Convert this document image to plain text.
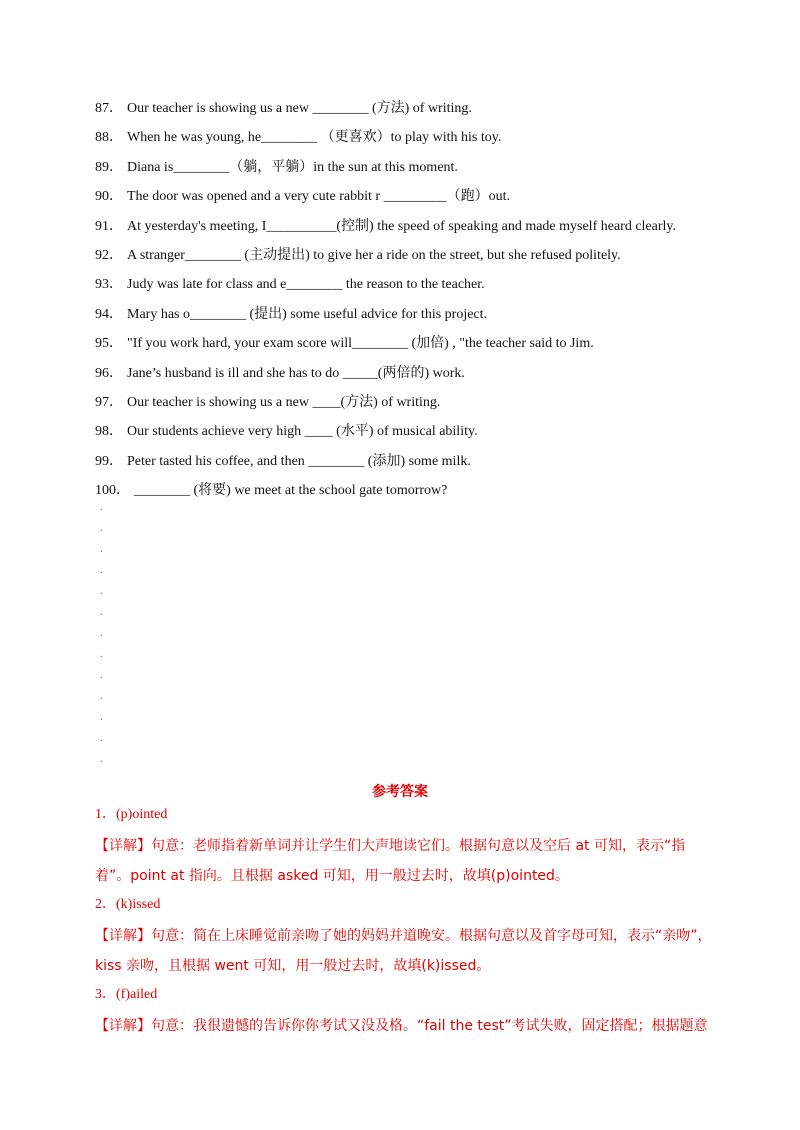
87． Our teacher is showing us a new ________ (方法) of writing.
88． When he was young, he________ （更喜欢）to play with his toy.
89． Diana is________（躺，平躺）in the sun at this moment.
90． The door was opened and a very cute rabbit r _________（跑）out.
91． At yesterday's meeting, I__________(控制) the speed of speaking and made myself heard clearly.
92． A stranger________ (主动提出) to give her a ride on the street, but she refused politely.
93． Judy was late for class and e________ the reason to the teacher.
94． Mary has o________ (提出) some useful advice for this project.
95． "If you work hard, your exam score will________ (加倍) , "the teacher said to Jim.
96． Jane’s husband is ill and she has to do _____(两倍的) work.
97． Our teacher is showing us a new ____(方法) of writing.
98． Our students achieve very high ____ (水平) of musical ability.
99． Peter tasted his coffee, and then ________ (添加) some milk.
100． ________ (将要) we meet at the school gate tomorrow?
.
.
.
.
.
.
.
.
.
.
.
.
.
参考答案

1．(p)ointed

【详解】句意：老师指着新单词并让学生们大声地读它们。根据句意以及空后 at 可知，表示“指着”。point at 指向。且根据 asked 可知，用一般过去时，故填(p)ointed。

2．(k)issed

【详解】句意：简在上床睡觉前亲吻了她的妈妈并道晚安。根据句意以及首字母可知，表示“亲吻”，kiss 亲吻，且根据 went 可知，用一般过去时，故填(k)issed。

3．(f)ailed

【详解】句意：我很遗憾的告诉你你考试又没及格。“fail the test”考试失败，固定搭配；根据题意
